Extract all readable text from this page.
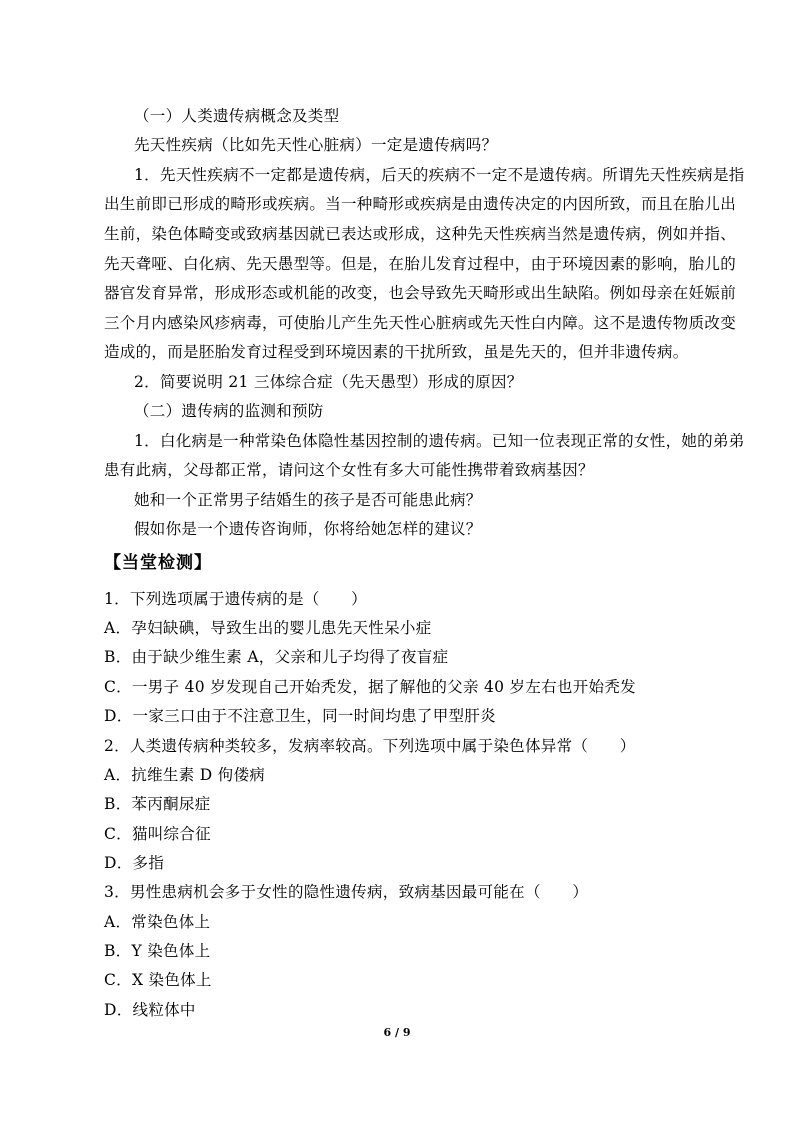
（一）人类遗传病概念及类型
先天性疾病（比如先天性心脏病）一定是遗传病吗？
1．先天性疾病不一定都是遗传病，后天的疾病不一定不是遗传病。所谓先天性疾病是指
出生前即已形成的畸形或疾病。当一种畸形或疾病是由遗传决定的内因所致，而且在胎儿出
生前，染色体畸变或致病基因就已表达或形成，这种先天性疾病当然是遗传病，例如并指、
先天聋哑、白化病、先天愚型等。但是，在胎儿发育过程中，由于环境因素的影响，胎儿的
器官发育异常，形成形态或机能的改变，也会导致先天畸形或出生缺陷。例如母亲在妊娠前
三个月内感染风疹病毒，可使胎儿产生先天性心脏病或先天性白内障。这不是遗传物质改变
造成的，而是胚胎发育过程受到环境因素的干扰所致，虽是先天的，但并非遗传病。
2．简要说明 21 三体综合症（先天愚型）形成的原因？
（二）遗传病的监测和预防
1．白化病是一种常染色体隐性基因控制的遗传病。已知一位表现正常的女性，她的弟弟
患有此病，父母都正常，请问这个女性有多大可能性携带着致病基因？
她和一个正常男子结婚生的孩子是否可能患此病？
假如你是一个遗传咨询师，你将给她怎样的建议？
【当堂检测】
1．下列选项属于遗传病的是（　　）
A．孕妇缺碘，导致生出的婴儿患先天性呆小症
B．由于缺少维生素 A，父亲和儿子均得了夜盲症
C．一男子 40 岁发现自己开始秃发，据了解他的父亲 40 岁左右也开始秃发
D．一家三口由于不注意卫生，同一时间均患了甲型肝炎
2．人类遗传病种类较多，发病率较高。下列选项中属于染色体异常（　　）
A．抗维生素 D 佝偻病
B．苯丙酮尿症
C．猫叫综合征
D．多指
3．男性患病机会多于女性的隐性遗传病，致病基因最可能在（　　）
A．常染色体上
B．Y 染色体上
C．X 染色体上
D．线粒体中
6 / 9
